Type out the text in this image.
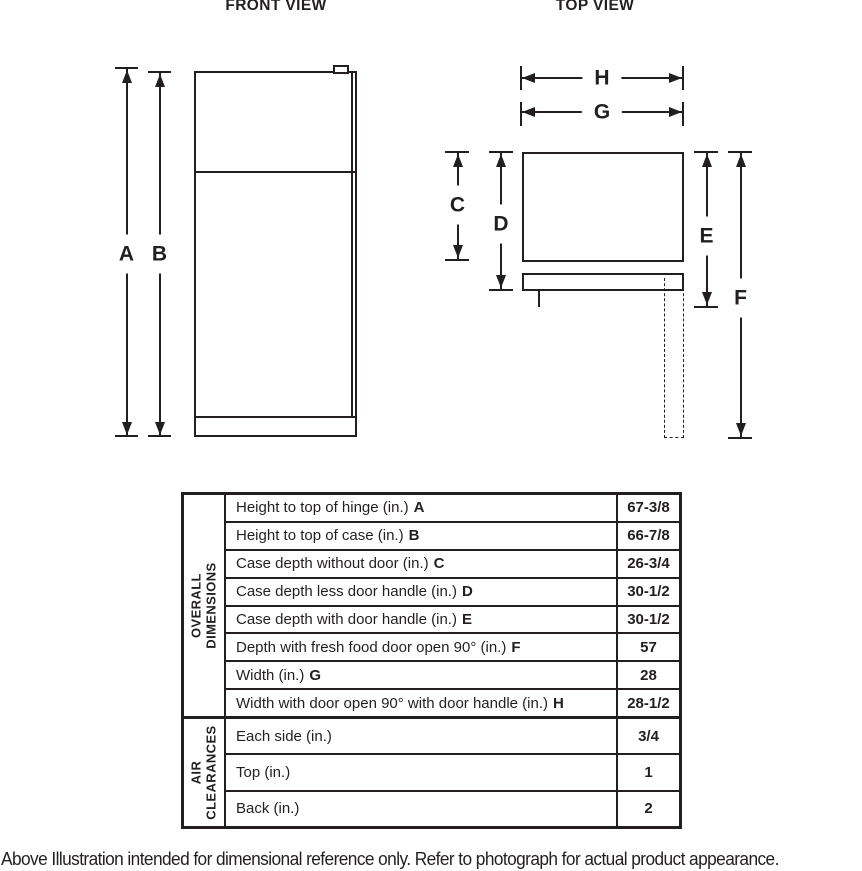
FRONT VIEW	TOP VIEW
A B
H
G
C
D
E
F
OVERALL DIMENSIONS
Height to top of hinge (in.) A	67-3/8
Height to top of case (in.) B	66-7/8
Case depth without door (in.) C	26-3/4
Case depth less door handle (in.) D	30-1/2
Case depth with door handle (in.) E	30-1/2
Depth with fresh food door open 90° (in.) F	57
Width (in.) G	28
Width with door open 90° with door handle (in.) H	28-1/2
AIR CLEARANCES Each side (in.)	3/4
Top (in.)	1
Back (in.)	2
Above Illustration intended for dimensional reference only. Refer to photograph for actual product appearance.
